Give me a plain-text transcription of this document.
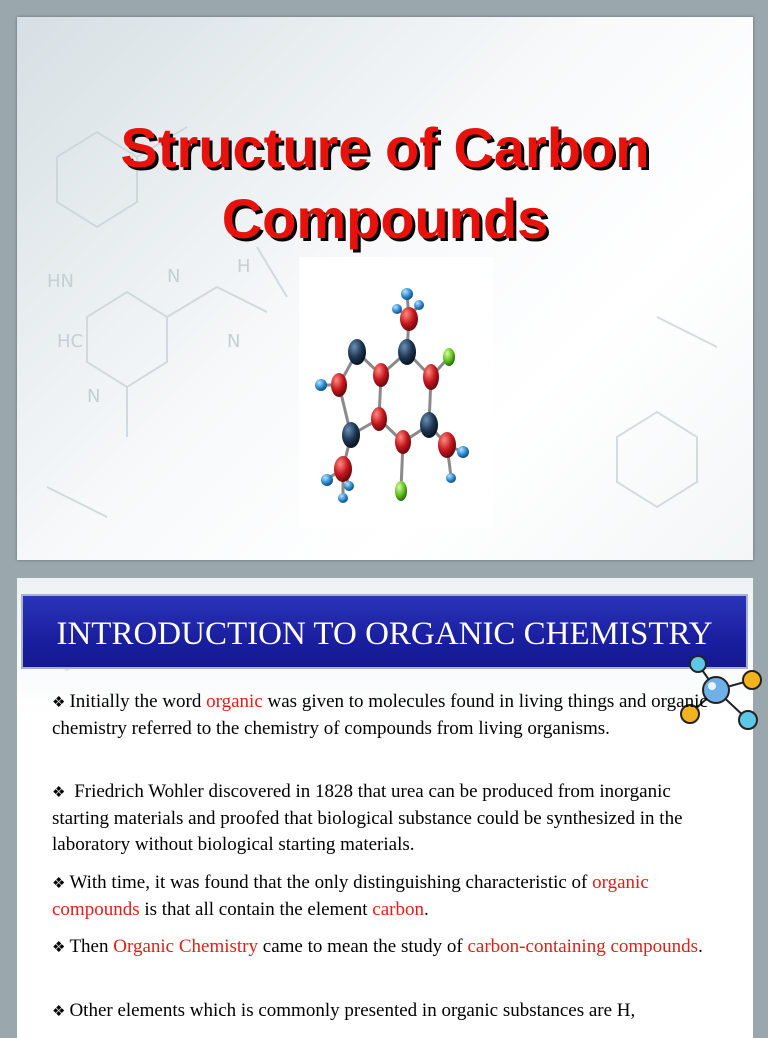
HN	N
N
HC
H
N
Structure of Carbon
Compounds
INTRODUCTION TO ORGANIC CHEMISTRY

❖ Initially the word organic was given to molecules found in living things and organic chemistry referred to the chemistry of compounds from living organisms.

❖ Friedrich Wohler discovered in 1828 that urea can be produced from inorganic starting materials and proofed that biological substance could be synthesized in the laboratory without biological starting materials.

❖ With time, it was found that the only distinguishing characteristic of organic compounds is that all contain the element carbon.

❖ Then Organic Chemistry came to mean the study of carbon-containing compounds.

❖ Other elements which is commonly presented in organic substances are H,
